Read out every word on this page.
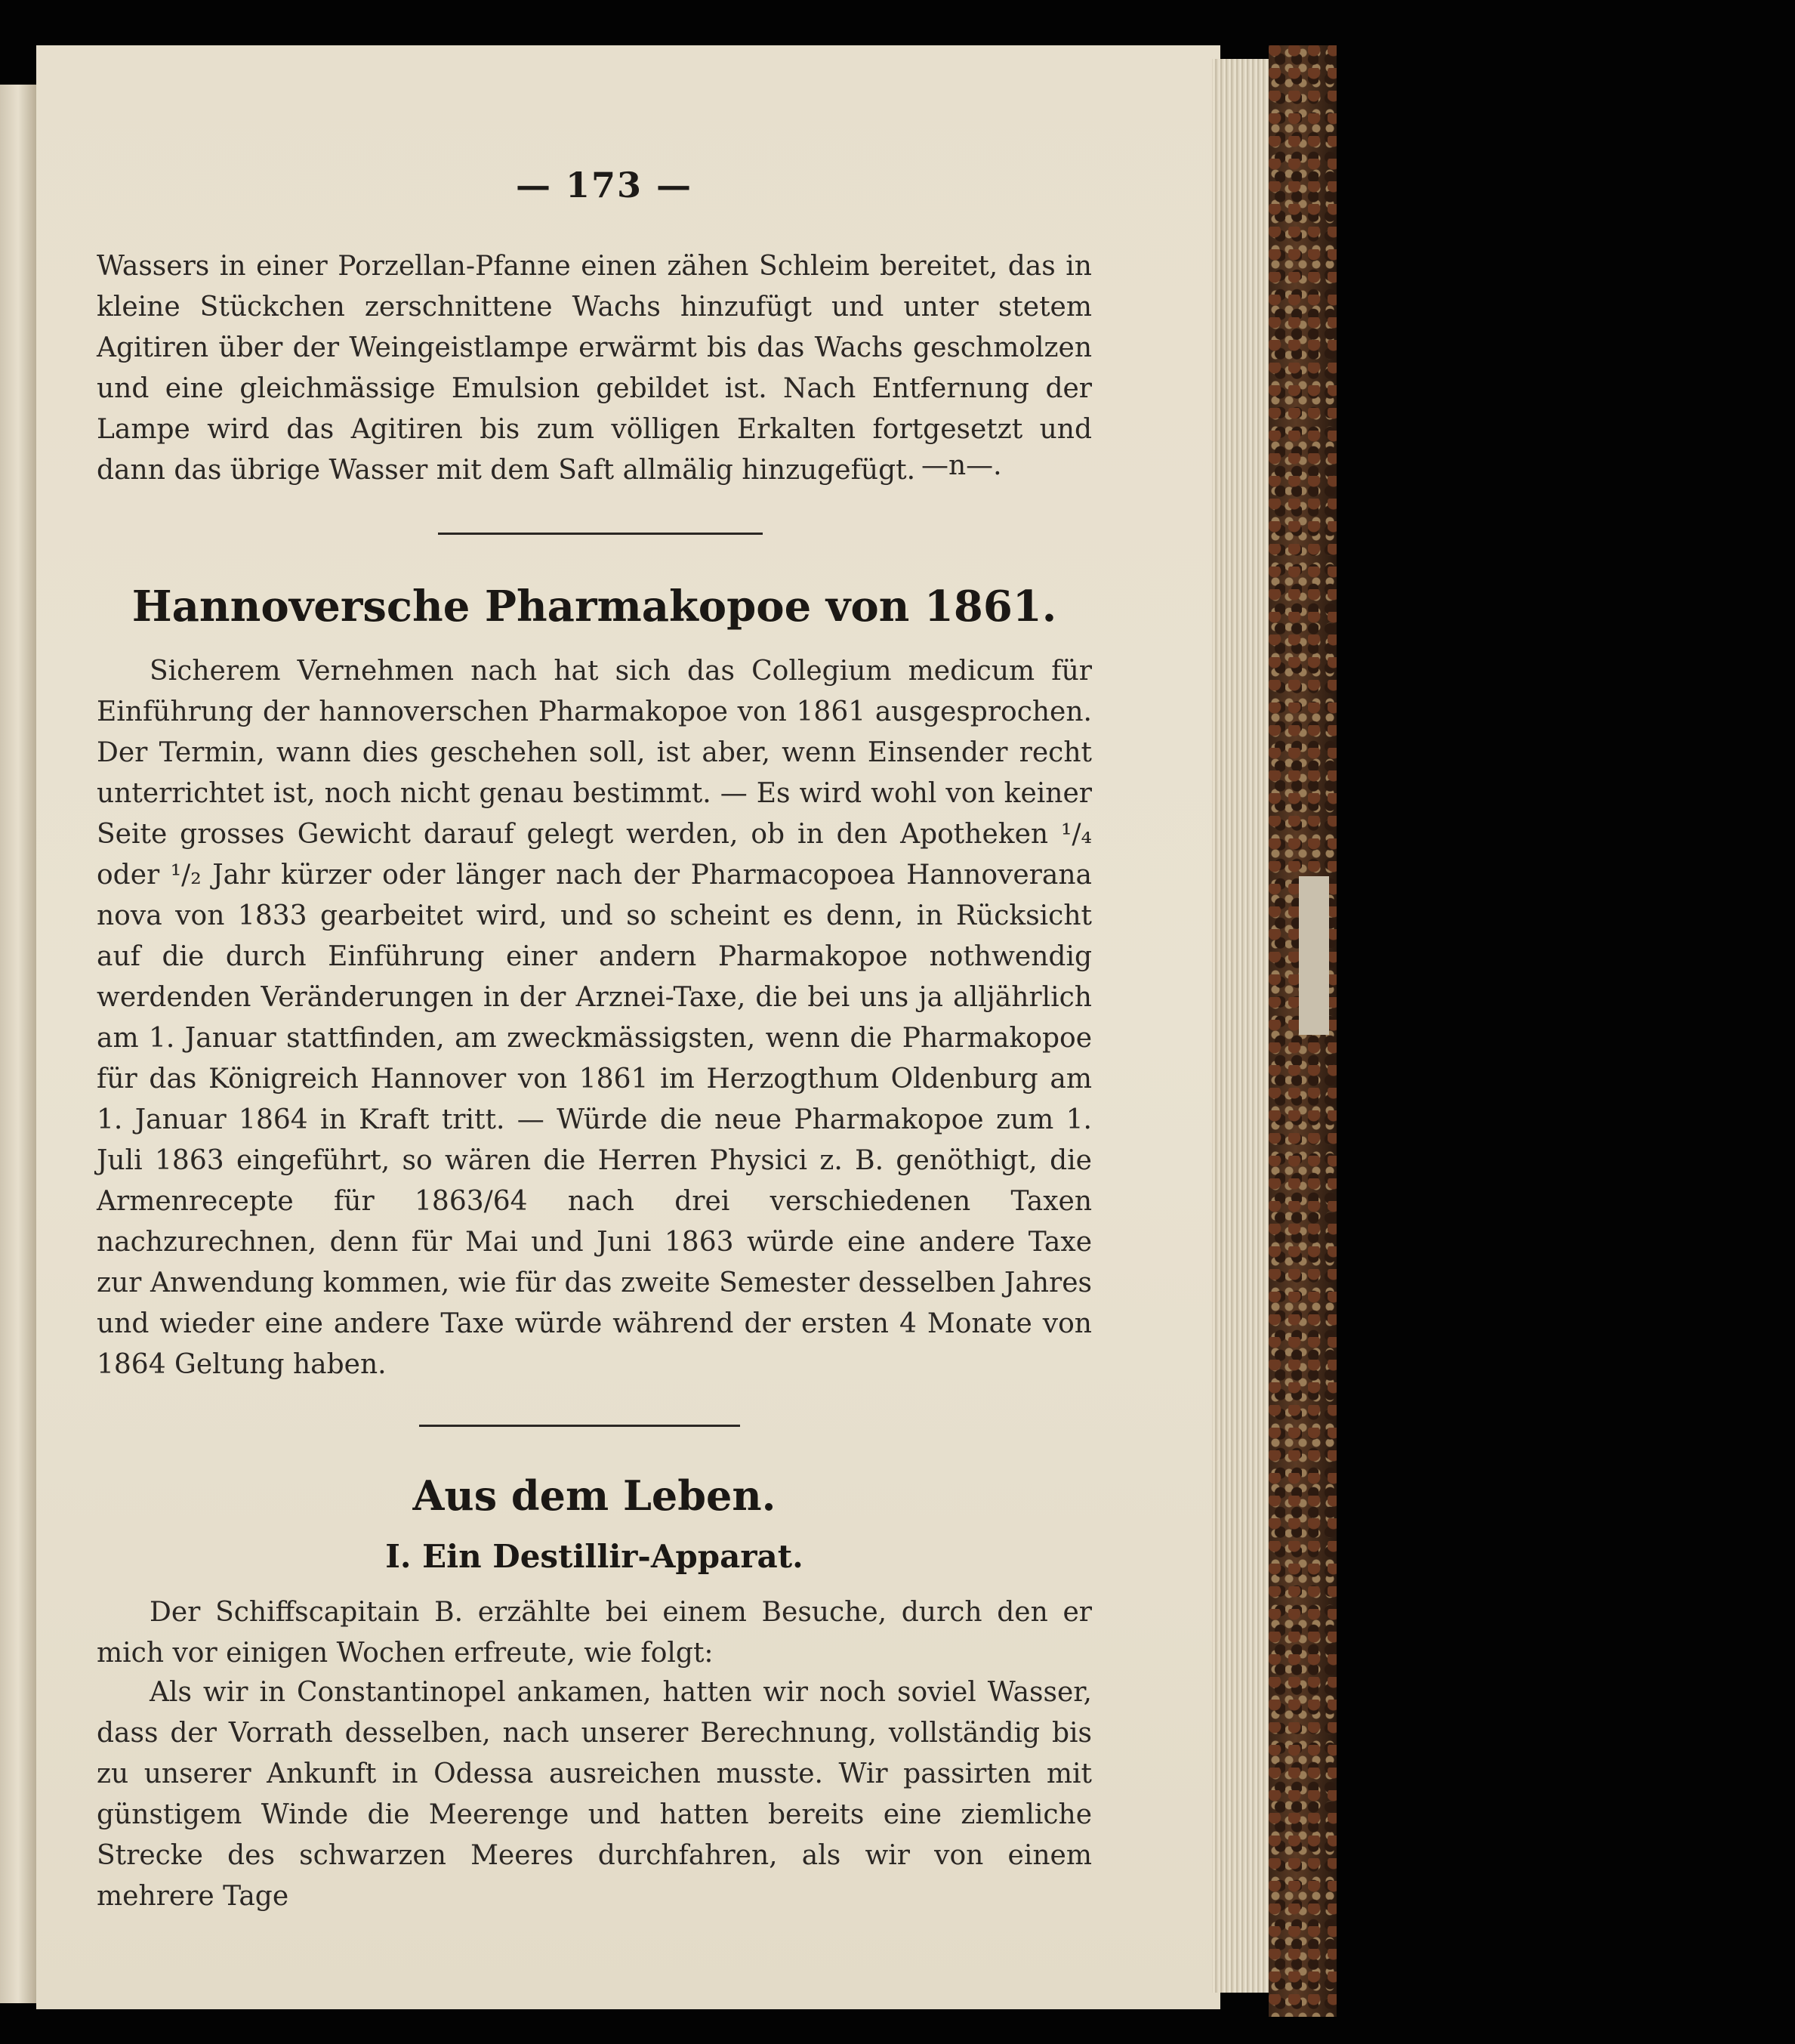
— 173 —

Wassers in einer Porzellan-Pfanne einen zähen Schleim bereitet, das in kleine Stückchen zerschnittene Wachs hinzufügt und unter stetem Agitiren über der Weingeistlampe erwärmt bis das Wachs geschmolzen und eine gleichmässige Emulsion gebildet ist. Nach Entfernung der Lampe wird das Agitiren bis zum völligen Erkalten fortgesetzt und dann das übrige Wasser mit dem Saft allmälig hinzugefügt. —n—.
Hannoversche Pharmakopoe von 1861.

Sicherem Vernehmen nach hat sich das Collegium medicum für Einführung der hannoverschen Pharmakopoe von 1861 ausgesprochen. Der Termin, wann dies geschehen soll, ist aber, wenn Einsender recht unterrichtet ist, noch nicht genau bestimmt. — Es wird wohl von keiner Seite grosses Gewicht darauf gelegt werden, ob in den Apotheken ¹/₄ oder ¹/₂ Jahr kürzer oder länger nach der Pharmacopoea Hannoverana nova von 1833 gearbeitet wird, und so scheint es denn, in Rücksicht auf die durch Einführung einer andern Pharmakopoe nothwendig werdenden Veränderungen in der Arznei-Taxe, die bei uns ja alljährlich am 1. Januar stattfinden, am zweckmässigsten, wenn die Pharmakopoe für das Königreich Hannover von 1861 im Herzogthum Oldenburg am 1. Januar 1864 in Kraft tritt. — Würde die neue Pharmakopoe zum 1. Juli 1863 eingeführt, so wären die Herren Physici z. B. genöthigt, die Armenrecepte für 1863/64 nach drei verschiedenen Taxen nachzurechnen, denn für Mai und Juni 1863 würde eine andere Taxe zur Anwendung kommen, wie für das zweite Semester desselben Jahres und wieder eine andere Taxe würde während der ersten 4 Monate von 1864 Geltung haben.

Aus dem Leben.
I. Ein Destillir-Apparat.

Der Schiffscapitain B. erzählte bei einem Besuche, durch den er mich vor einigen Wochen erfreute, wie folgt:

Als wir in Constantinopel ankamen, hatten wir noch soviel Wasser, dass der Vorrath desselben, nach unserer Berechnung, vollständig bis zu unserer Ankunft in Odessa ausreichen musste. Wir passirten mit günstigem Winde die Meerenge und hatten bereits eine ziemliche Strecke des schwarzen Meeres durchfahren, als wir von einem mehrere Tage
